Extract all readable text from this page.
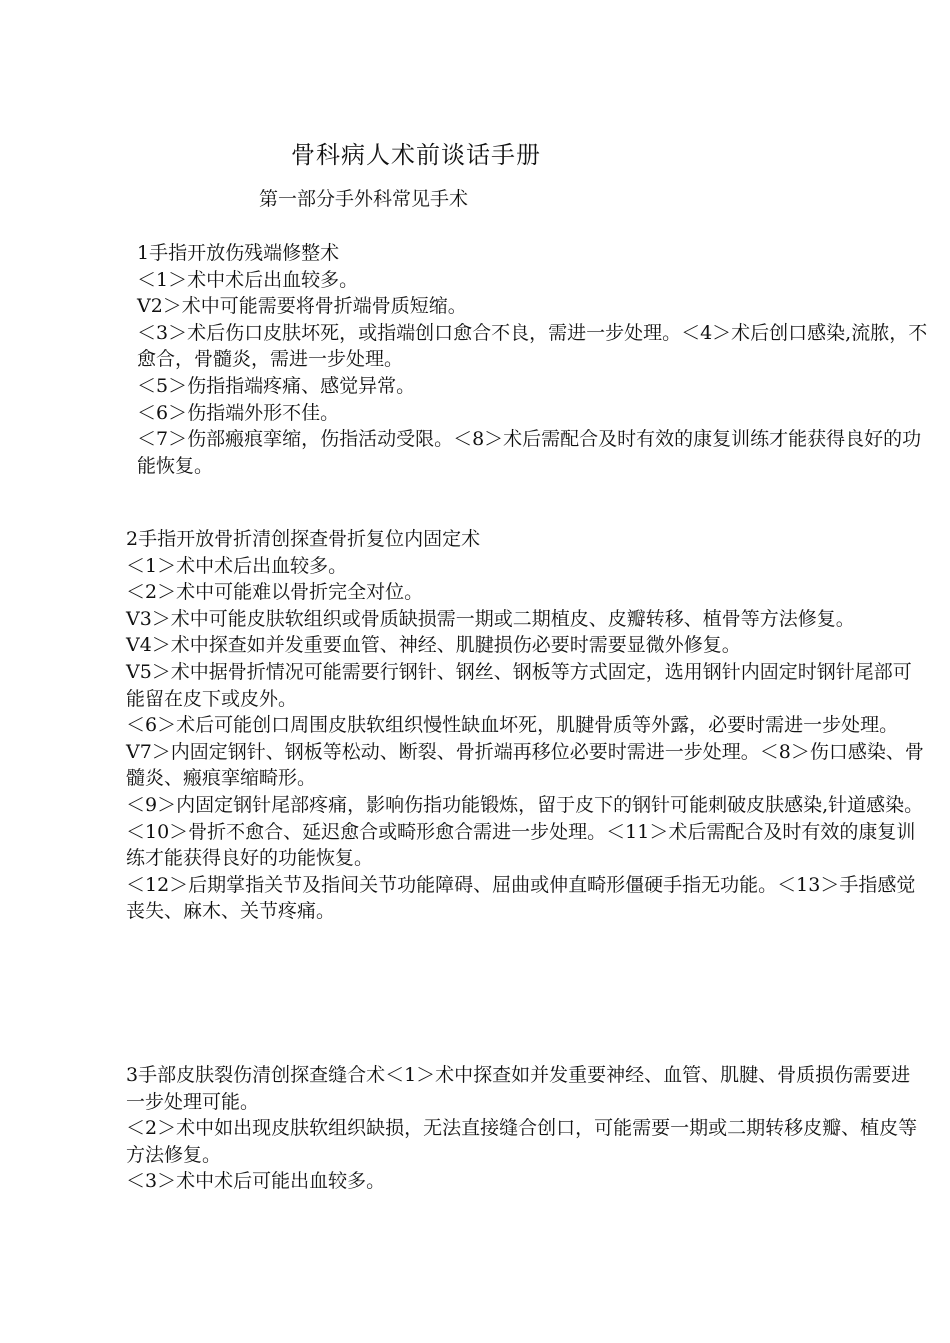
骨科病人术前谈话手册
第一部分手外科常见手术

1手指开放伤残端修整术

＜1＞术中术后出血较多。

V2＞术中可能需要将骨折端骨质短缩。

＜3＞术后伤口皮肤坏死，或指端创口愈合不良，需进一步处理。＜4＞术后创口感染,流脓，不愈合，骨髓炎，需进一步处理。

＜5＞伤指指端疼痛、感觉异常。

＜6＞伤指端外形不佳。

＜7＞伤部瘢痕挛缩，伤指活动受限。＜8＞术后需配合及时有效的康复训练才能获得良好的功能恢复。

2手指开放骨折清创探查骨折复位内固定术

＜1＞术中术后出血较多。

＜2＞术中可能难以骨折完全对位。

V3＞术中可能皮肤软组织或骨质缺损需一期或二期植皮、皮瓣转移、植骨等方法修复。

V4＞术中探查如并发重要血管、神经、肌腱损伤必要时需要显微外修复。

V5＞术中据骨折情况可能需要行钢针、钢丝、钢板等方式固定，选用钢针内固定时钢针尾部可能留在皮下或皮外。

＜6＞术后可能创口周围皮肤软组织慢性缺血坏死，肌腱骨质等外露，必要时需进一步处理。

V7＞内固定钢针、钢板等松动、断裂、骨折端再移位必要时需进一步处理。＜8＞伤口感染、骨髓炎、瘢痕挛缩畸形。

＜9＞内固定钢针尾部疼痛，影响伤指功能锻炼，留于皮下的钢针可能刺破皮肤感染,针道感染。

＜10＞骨折不愈合、延迟愈合或畸形愈合需进一步处理。＜11＞术后需配合及时有效的康复训练才能获得良好的功能恢复。

＜12＞后期掌指关节及指间关节功能障碍、屈曲或伸直畸形僵硬手指无功能。＜13＞手指感觉丧失、麻木、关节疼痛。

3手部皮肤裂伤清创探查缝合术＜1＞术中探查如并发重要神经、血管、肌腱、骨质损伤需要进一步处理可能。

＜2＞术中如出现皮肤软组织缺损，无法直接缝合创口，可能需要一期或二期转移皮瓣、植皮等方法修复。

＜3＞术中术后可能出血较多。
